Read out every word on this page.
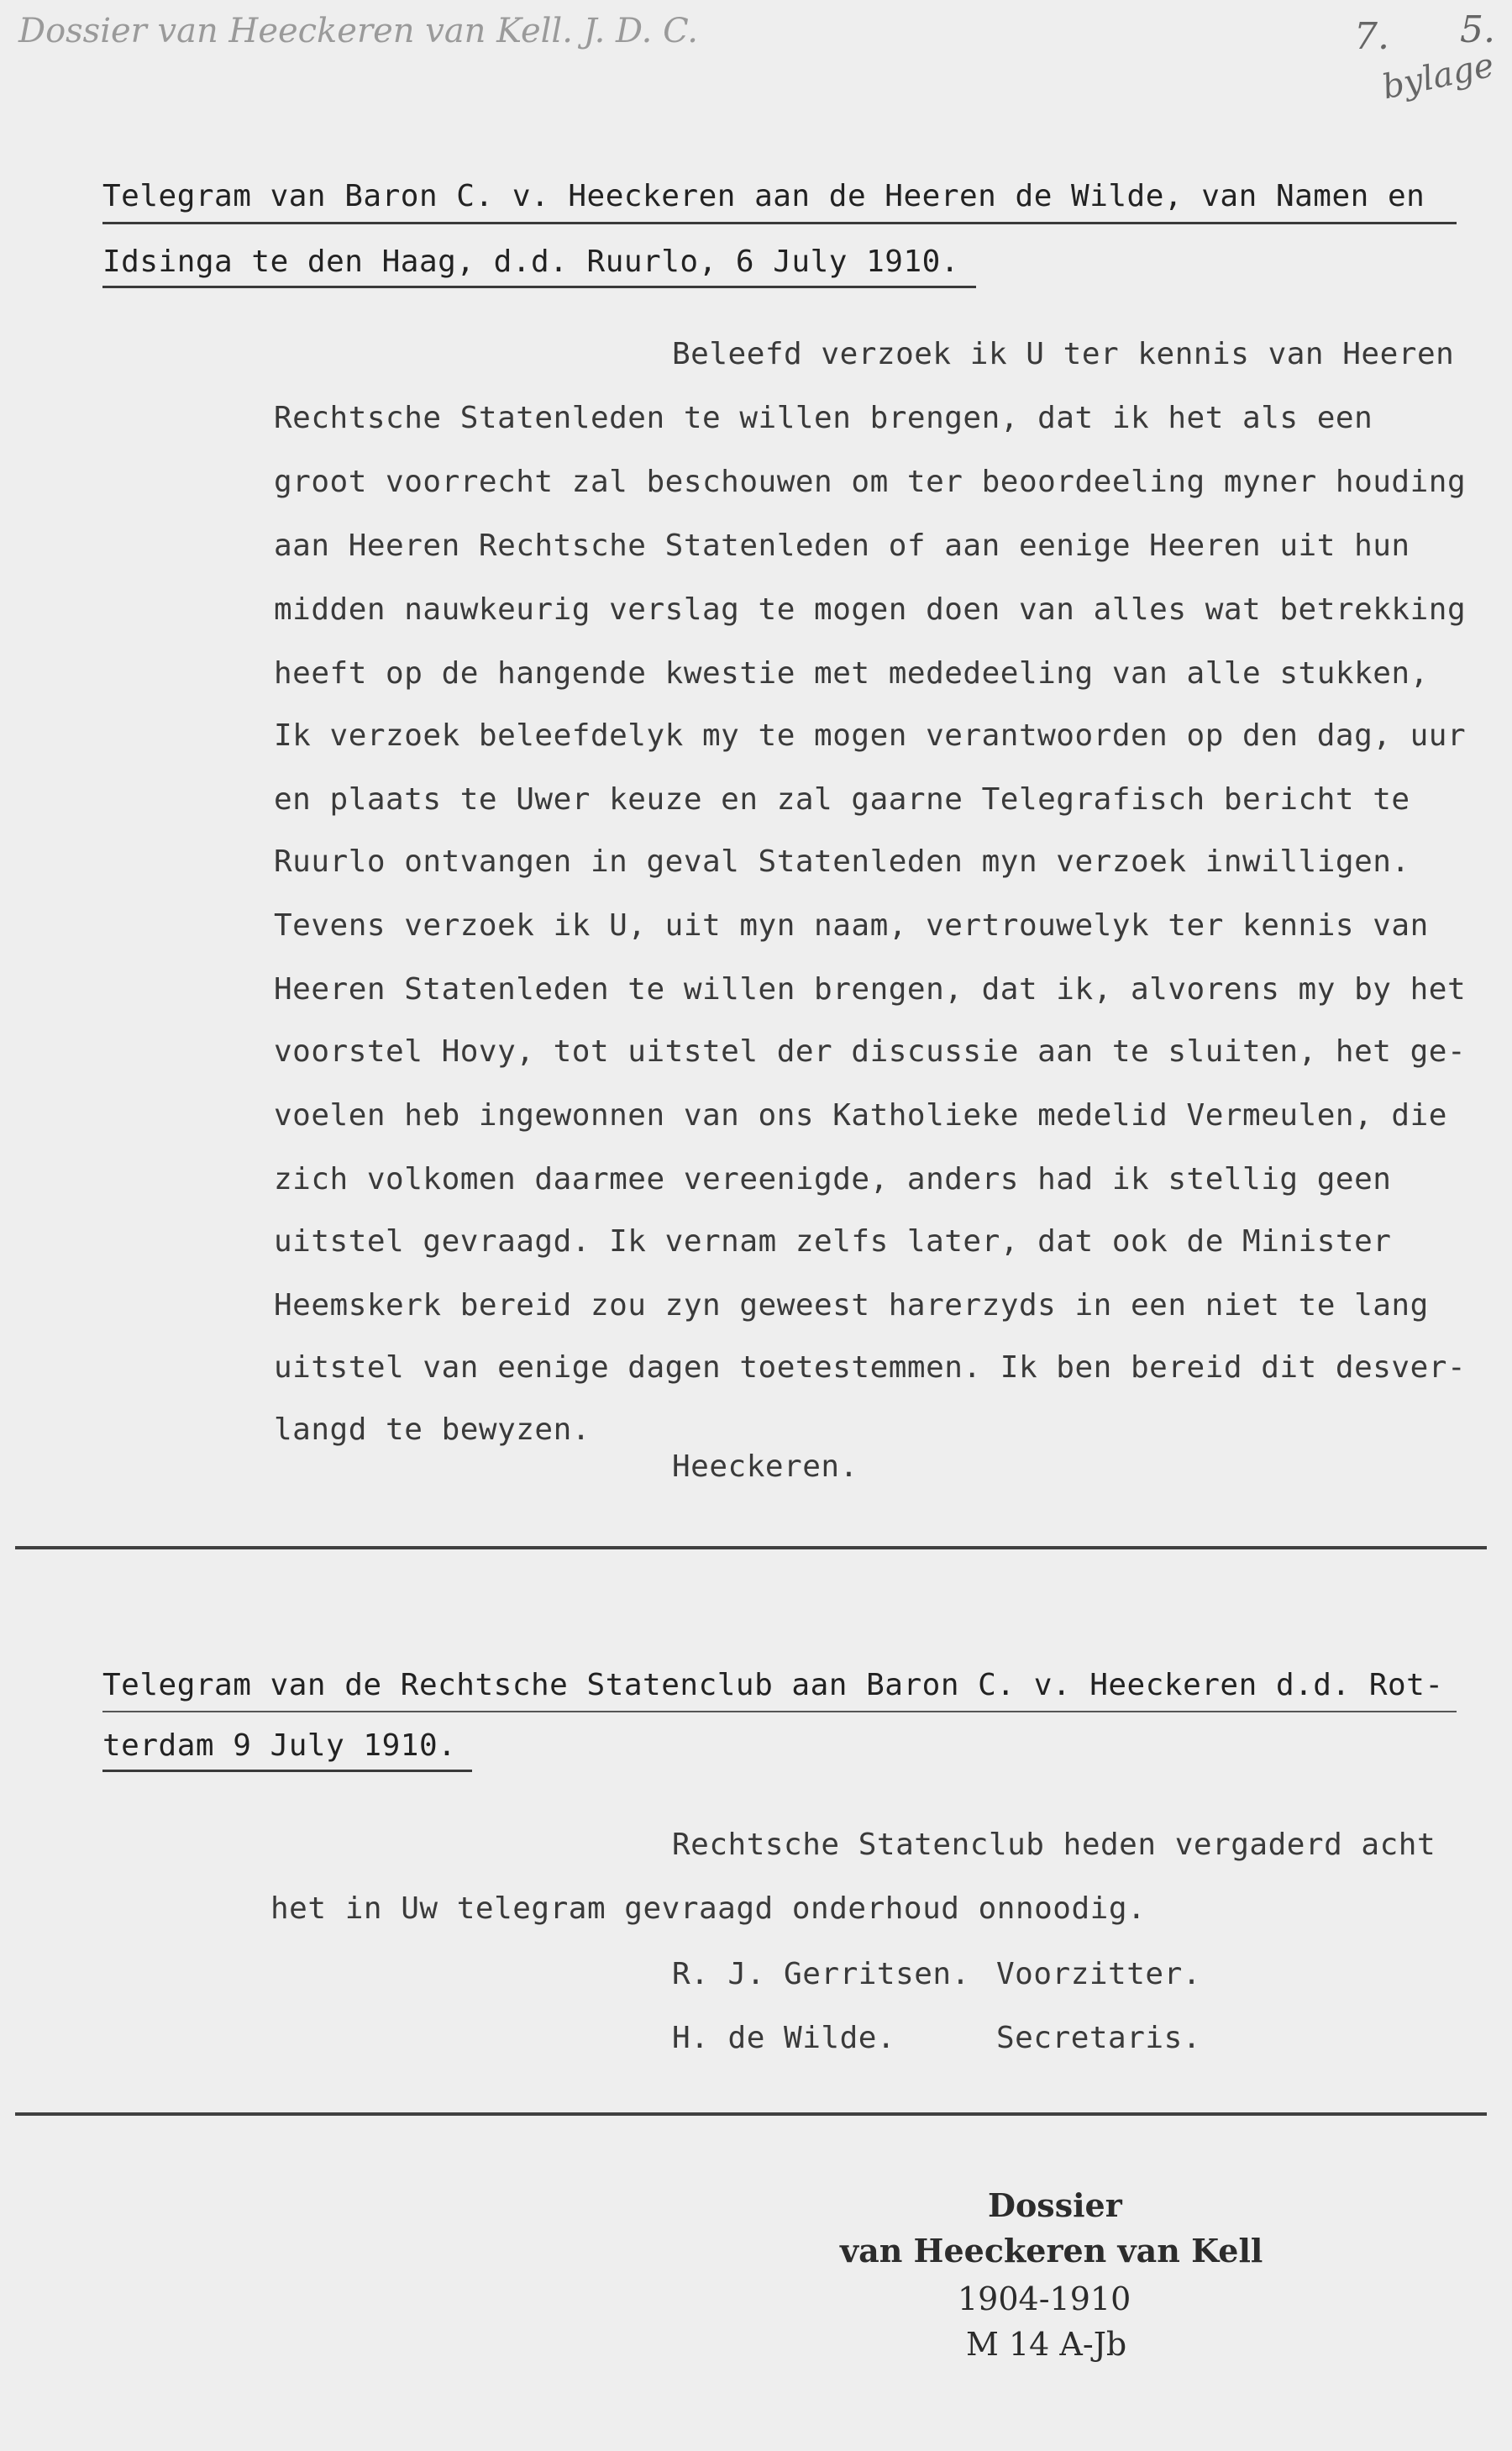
Dossier van Heeckeren van Kell. J. D. C.	7. 5.
bylage
Telegram van Baron C. v. Heeckeren aan de Heeren de Wilde, van Namen en
Idsinga te den Haag, d.d. Ruurlo, 6 July 1910.
Beleefd verzoek ik U ter kennis van Heeren
Rechtsche Statenleden te willen brengen, dat ik het als een
groot voorrecht zal beschouwen om ter beoordeeling myner houding
aan Heeren Rechtsche Statenleden of aan eenige Heeren uit hun
midden nauwkeurig verslag te mogen doen van alles wat betrekking
heeft op de hangende kwestie met mededeeling van alle stukken,
Ik verzoek beleefdelyk my te mogen verantwoorden op den dag, uur
en plaats te Uwer keuze en zal gaarne Telegrafisch bericht te
Ruurlo ontvangen in geval Statenleden myn verzoek inwilligen.
Tevens verzoek ik U, uit myn naam, vertrouwelyk ter kennis van
Heeren Statenleden te willen brengen, dat ik, alvorens my by het
voorstel Hovy, tot uitstel der discussie aan te sluiten, het ge-
voelen heb ingewonnen van ons Katholieke medelid Vermeulen, die
zich volkomen daarmee vereenigde, anders had ik stellig geen
uitstel gevraagd. Ik vernam zelfs later, dat ook de Minister
Heemskerk bereid zou zyn geweest harerzyds in een niet te lang
uitstel van eenige dagen toetestemmen. Ik ben bereid dit desver-
langd te bewyzen.
Heeckeren.
Telegram van de Rechtsche Statenclub aan Baron C. v. Heeckeren d.d. Rot-
terdam 9 July 1910.
Rechtsche Statenclub heden vergaderd acht
het in Uw telegram gevraagd onderhoud onnoodig.
R. J. Gerritsen. Voorzitter.
H. de Wilde.	Secretaris.
Dossier
van Heeckeren van Kell
1904-1910
M 14 A-Jb
